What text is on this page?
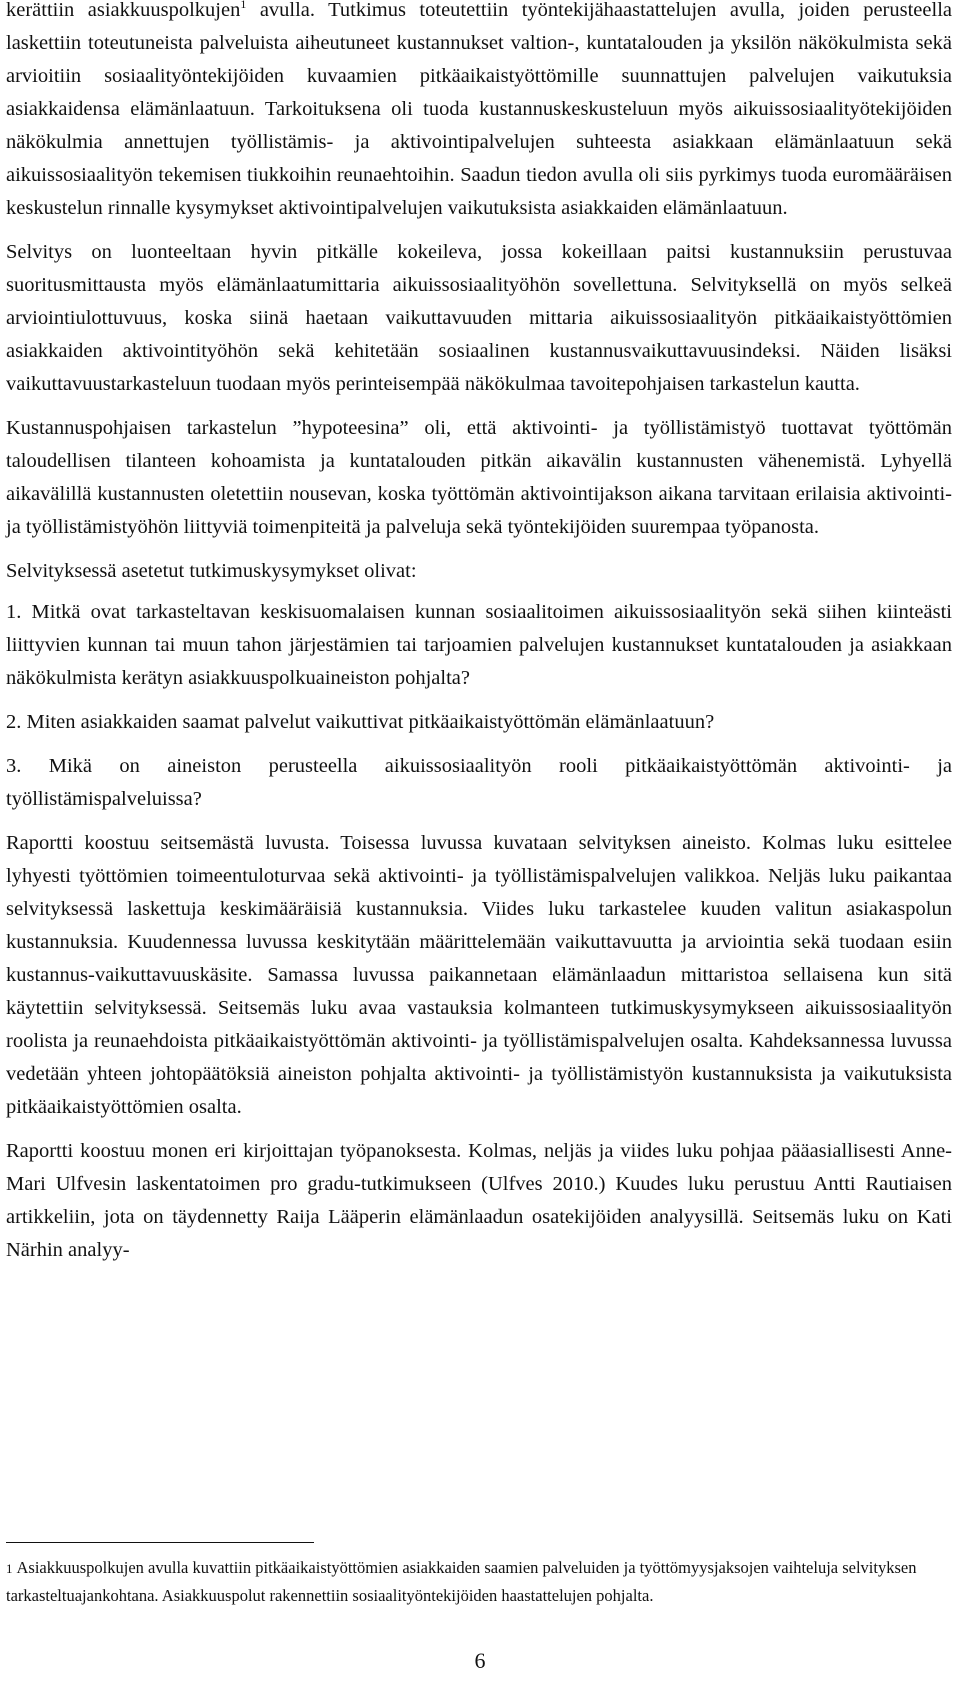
kerättiin asiakkuuspolkujen$^1$ avulla. Tutkimus toteutettiin työntekijähaastattelujen avulla, joiden perusteella laskettiin toteutuneista palveluista aiheutuneet kustannukset valtion-, kuntatalouden ja yksilön näkökulmista sekä arvioitiin sosiaalityöntekijöiden kuvaamien pitkäaikaistyöttömille suunnattujen palvelujen vaikutuksia asiakkaidensa elämänlaatuun. Tarkoituksena oli tuoda kustannuskeskusteluun myös aikuissosiaalityötekijöiden näkökulmia annettujen työllistämis- ja aktivointipalvelujen suhteesta asiakkaan elämänlaatuun sekä aikuissosiaalityön tekemisen tiukkoihin reunaehtoihin. Saadun tiedon avulla oli siis pyrkimys tuoda euromääräisen keskustelun rinnalle kysymykset aktivointipalvelujen vaikutuksista asiakkaiden elämänlaatuun.

Selvitys on luonteeltaan hyvin pitkälle kokeileva, jossa kokeillaan paitsi kustannuksiin perustuvaa suoritusmittausta myös elämänlaatumittaria aikuissosiaalityöhön sovellettuna. Selvityksellä on myös selkeä arviointiulottuvuus, koska siinä haetaan vaikuttavuuden mittaria aikuissosiaalityön pitkäaikaistyöttömien asiakkaiden aktivointityöhön sekä kehitetään sosiaalinen kustannusvaikuttavuusindeksi. Näiden lisäksi vaikuttavuustarkasteluun tuodaan myös perinteisempää näkökulmaa tavoitepohjaisen tarkastelun kautta.

Kustannuspohjaisen tarkastelun ”hypoteesina” oli, että aktivointi- ja työllistämistyö tuottavat työttömän taloudellisen tilanteen kohoamista ja kuntatalouden pitkän aikavälin kustannusten vähenemistä. Lyhyellä aikavälillä kustannusten oletettiin nousevan, koska työttömän aktivointijakson aikana tarvitaan erilaisia aktivointi- ja työllistämistyöhön liittyviä toimenpiteitä ja palveluja sekä työntekijöiden suurempaa työpanosta.

Selvityksessä asetetut tutkimuskysymykset olivat:

1. Mitkä ovat tarkasteltavan keskisuomalaisen kunnan sosiaalitoimen aikuissosiaalityön sekä siihen kiinteästi liittyvien kunnan tai muun tahon järjestämien tai tarjoamien palvelujen kustannukset kuntatalouden ja asiakkaan näkökulmista kerätyn asiakkuuspolkuaineiston pohjalta?

2. Miten asiakkaiden saamat palvelut vaikuttivat pitkäaikaistyöttömän elämänlaatuun?

3. Mikä on aineiston perusteella aikuissosiaalityön rooli pitkäaikaistyöttömän aktivointi- ja työllistämispalveluissa?

Raportti koostuu seitsemästä luvusta. Toisessa luvussa kuvataan selvityksen aineisto. Kolmas luku esittelee lyhyesti työttömien toimeentuloturvaa sekä aktivointi- ja työllistämispalvelujen valikkoa. Neljäs luku paikantaa selvityksessä laskettuja keskimääräisiä kustannuksia. Viides luku tarkastelee kuuden valitun asiakaspolun kustannuksia. Kuudennessa luvussa keskitytään määrittelemään vaikuttavuutta ja arviointia sekä tuodaan esiin kustannus-vaikuttavuuskäsite. Samassa luvussa paikannetaan elämänlaadun mittaristoa sellaisena kun sitä käytettiin selvityksessä. Seitsemäs luku avaa vastauksia kolmanteen tutkimuskysymykseen aikuissosiaalityön roolista ja reunaehdoista pitkäaikaistyöttömän aktivointi- ja työllistämispalvelujen osalta. Kahdeksannessa luvussa vedetään yhteen johtopäätöksiä aineiston pohjalta aktivointi- ja työllistämistyön kustannuksista ja vaikutuksista pitkäaikaistyöttömien osalta.

Raportti koostuu monen eri kirjoittajan työpanoksesta. Kolmas, neljäs ja viides luku pohjaa pääasiallisesti Anne-Mari Ulfvesin laskentatoimen pro gradu-tutkimukseen (Ulfves 2010.) Kuudes luku perustuu Antti Rautiaisen artikkeliin, jota on täydennetty Raija Lääperin elämänlaadun osatekijöiden analyysillä. Seitsemäs luku on Kati Närhin analyy-

1 Asiakkuuspolkujen avulla kuvattiin pitkäaikaistyöttömien asiakkaiden saamien palveluiden ja työttömyysjaksojen vaihteluja selvityksen tarkasteltuajankohtana. Asiakkuuspolut rakennettiin sosiaalityöntekijöiden haastattelujen pohjalta.
6
